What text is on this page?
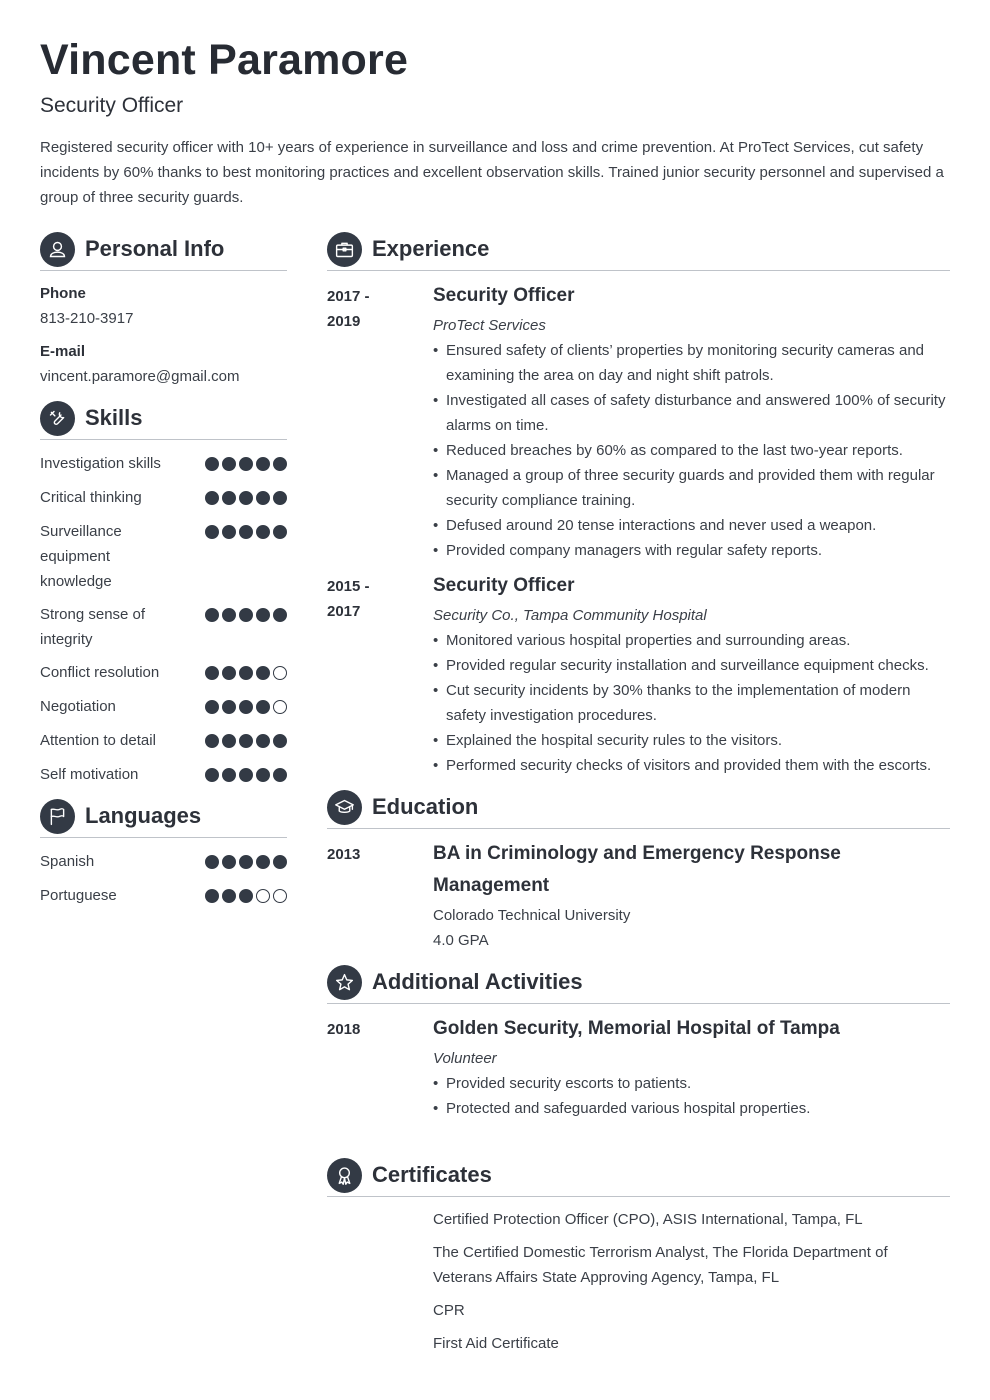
Vincent Paramore
Security Officer
Registered security officer with 10+ years of experience in surveillance and loss and crime prevention. At ProTect Services, cut safety incidents by 60% thanks to best monitoring practices and excellent observation skills. Trained junior security personnel and supervised a group of three security guards.
Personal Info
Phone
813-210-3917
E-mail
vincent.paramore@gmail.com
Skills
Investigation skills
Critical thinking
Surveillance equipment knowledge
Strong sense of integrity
Conflict resolution
Negotiation
Attention to detail
Self motivation
Languages
Spanish
Portuguese
Experience
2017 - 2019
Security Officer
ProTect Services
• Ensured safety of clients’ properties by monitoring security cameras and examining the area on day and night shift patrols.
• Investigated all cases of safety disturbance and answered 100% of security alarms on time.
• Reduced breaches by 60% as compared to the last two-year reports.
• Managed a group of three security guards and provided them with regular security compliance training.
• Defused around 20 tense interactions and never used a weapon.
• Provided company managers with regular safety reports.
2015 - 2017
Security Officer
Security Co., Tampa Community Hospital
• Monitored various hospital properties and surrounding areas.
• Provided regular security installation and surveillance equipment checks.
• Cut security incidents by 30% thanks to the implementation of modern safety investigation procedures.
• Explained the hospital security rules to the visitors.
• Performed security checks of visitors and provided them with the escorts.
Education
2013	BA in Criminology and Emergency Response Management
Colorado Technical University
4.0 GPA
Additional Activities
2018	Golden Security, Memorial Hospital of Tampa
Volunteer
• Provided security escorts to patients.
• Protected and safeguarded various hospital properties.
Certificates
Certified Protection Officer (CPO), ASIS International, Tampa, FL
The Certified Domestic Terrorism Analyst, The Florida Department of Veterans Affairs State Approving Agency, Tampa, FL
CPR
First Aid Certificate
